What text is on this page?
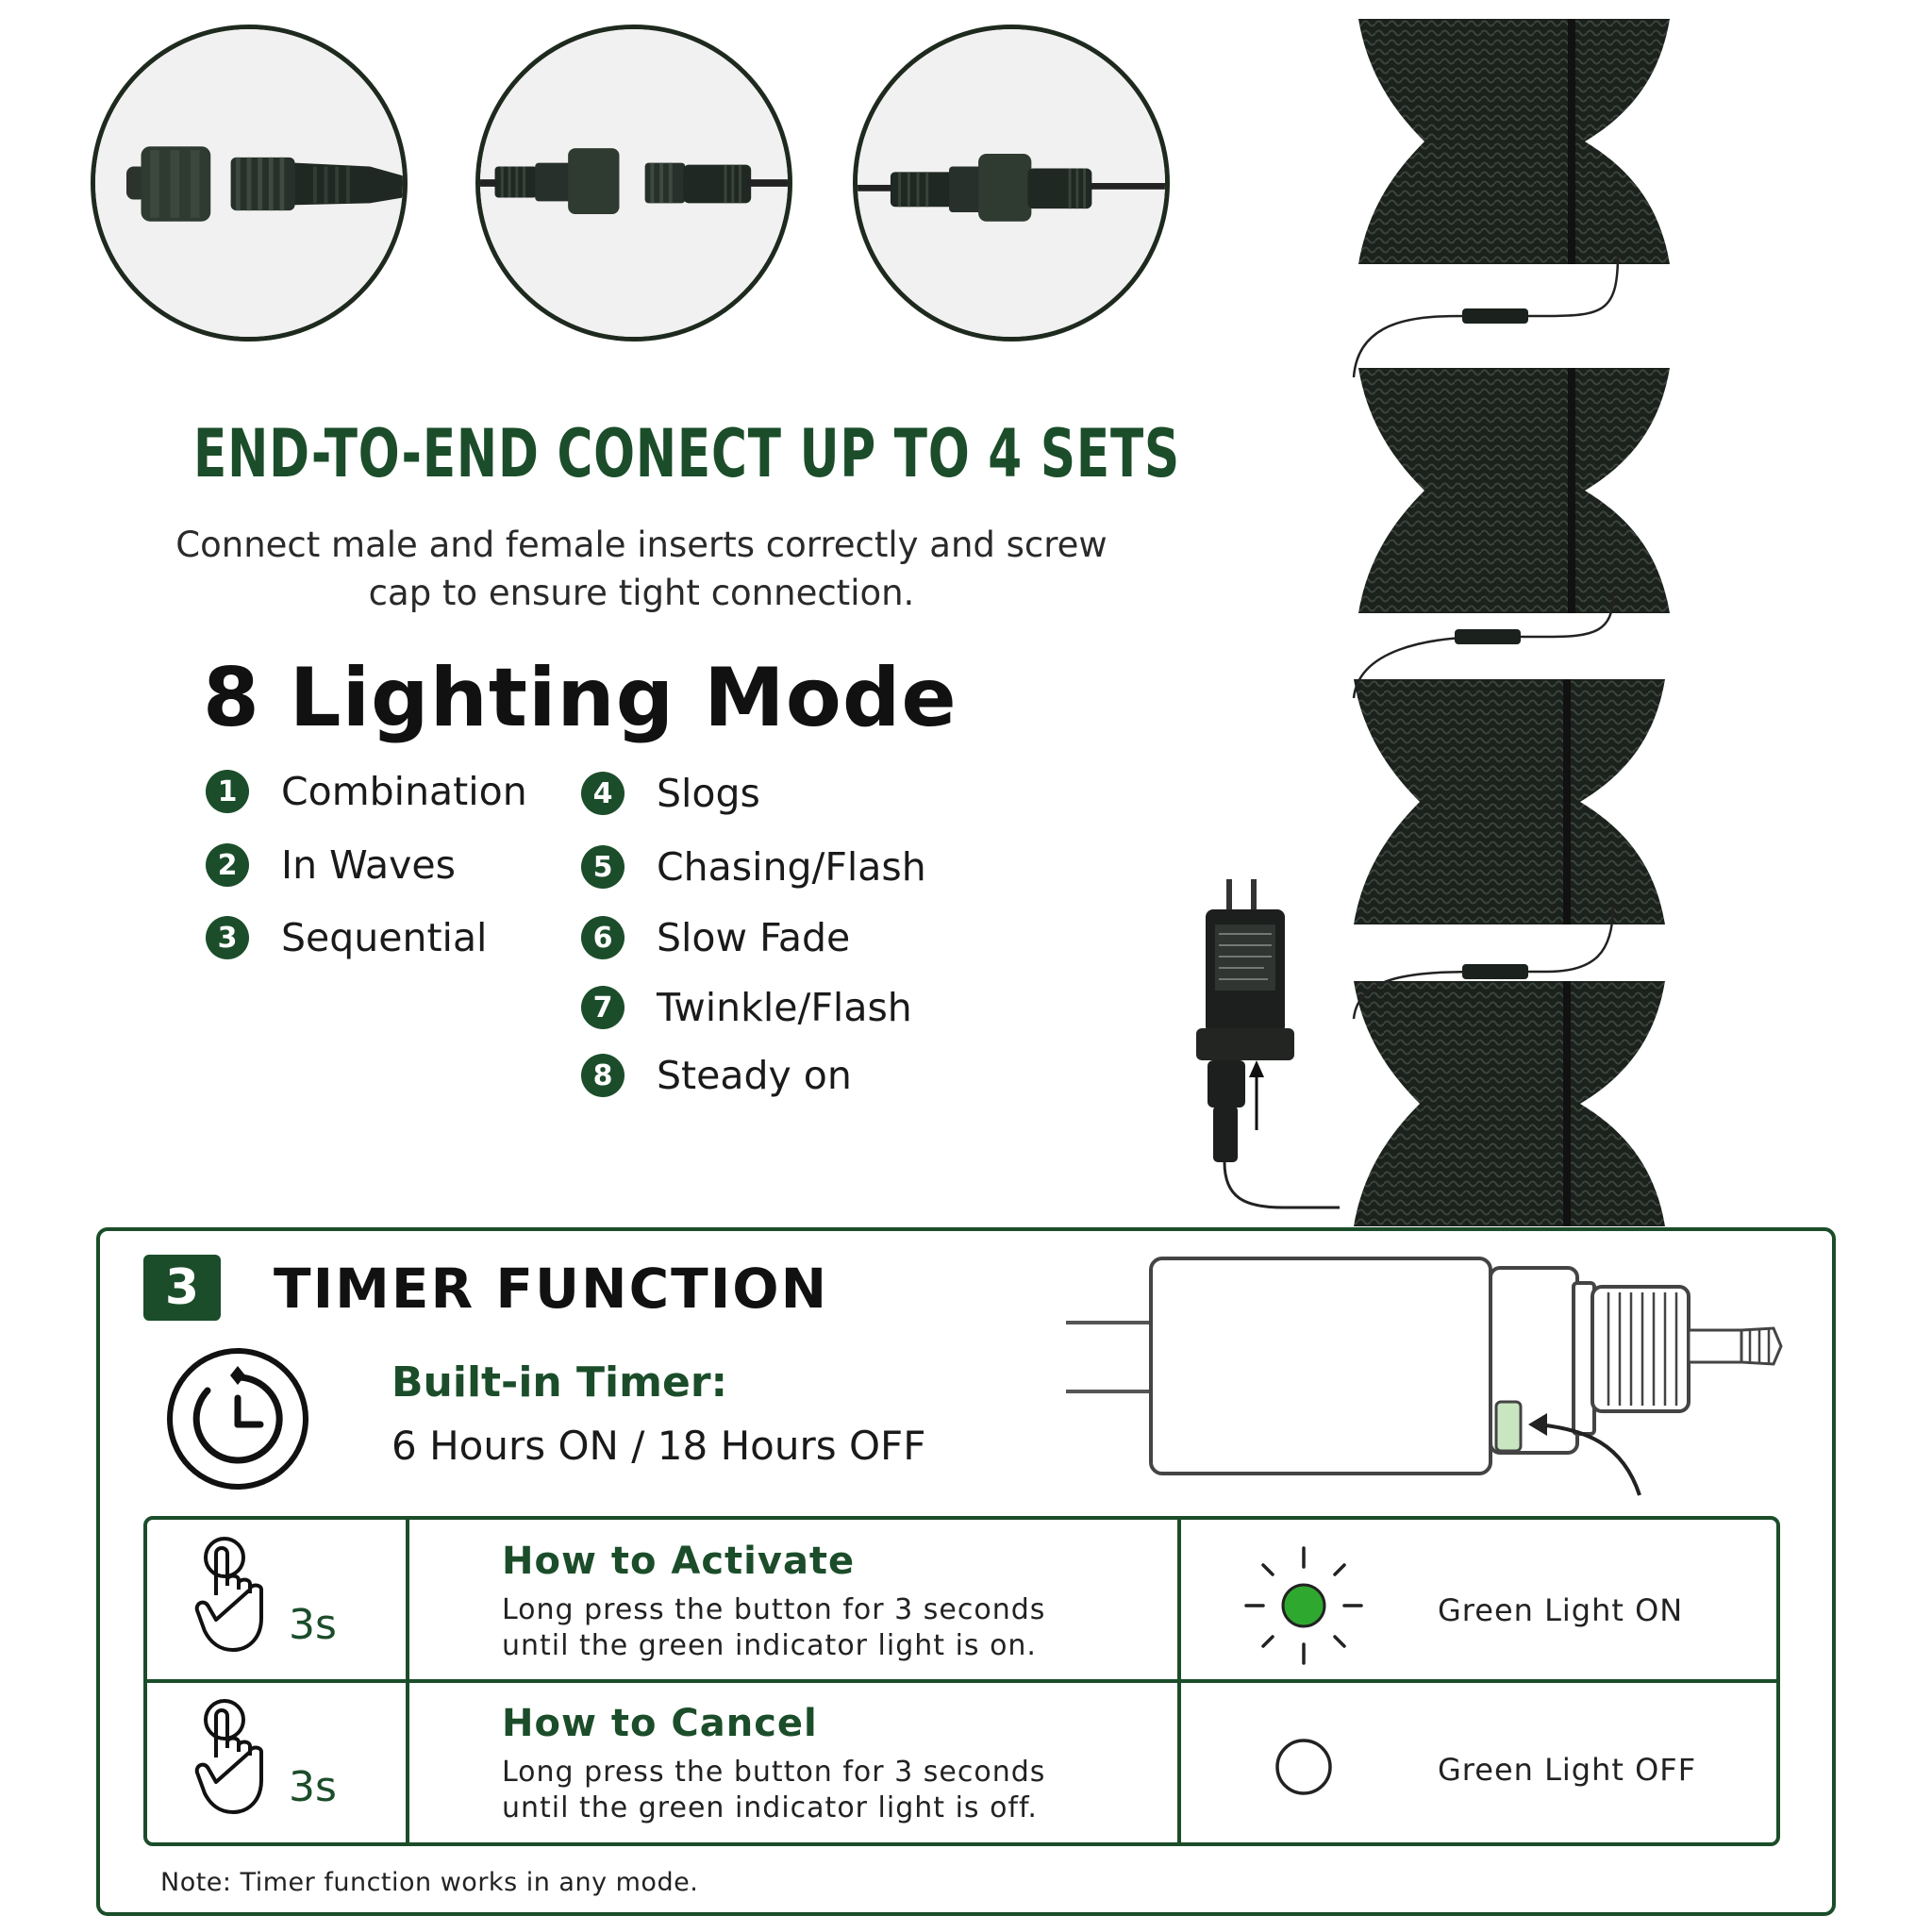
END-TO-END CONECT UP TO 4 SETS
Connect male and female inserts correctly and screw
cap to ensure tight connection.
8 Lighting Mode
1	Combination
2	In Waves
3	Sequential
4	Slogs
5	Chasing/Flash
6	Slow Fade
7	Twinkle/Flash
8	Steady on
3	TIMER FUNCTION
Built-in Timer:
6 Hours ON / 18 Hours OFF
3s
How to Activate
Long press the button for 3 seconds
until the green indicator light is on.
Green Light ON
3s
How to Cancel
Long press the button for 3 seconds
until the green indicator light is off.
Green Light OFF
Note: Timer function works in any mode.
